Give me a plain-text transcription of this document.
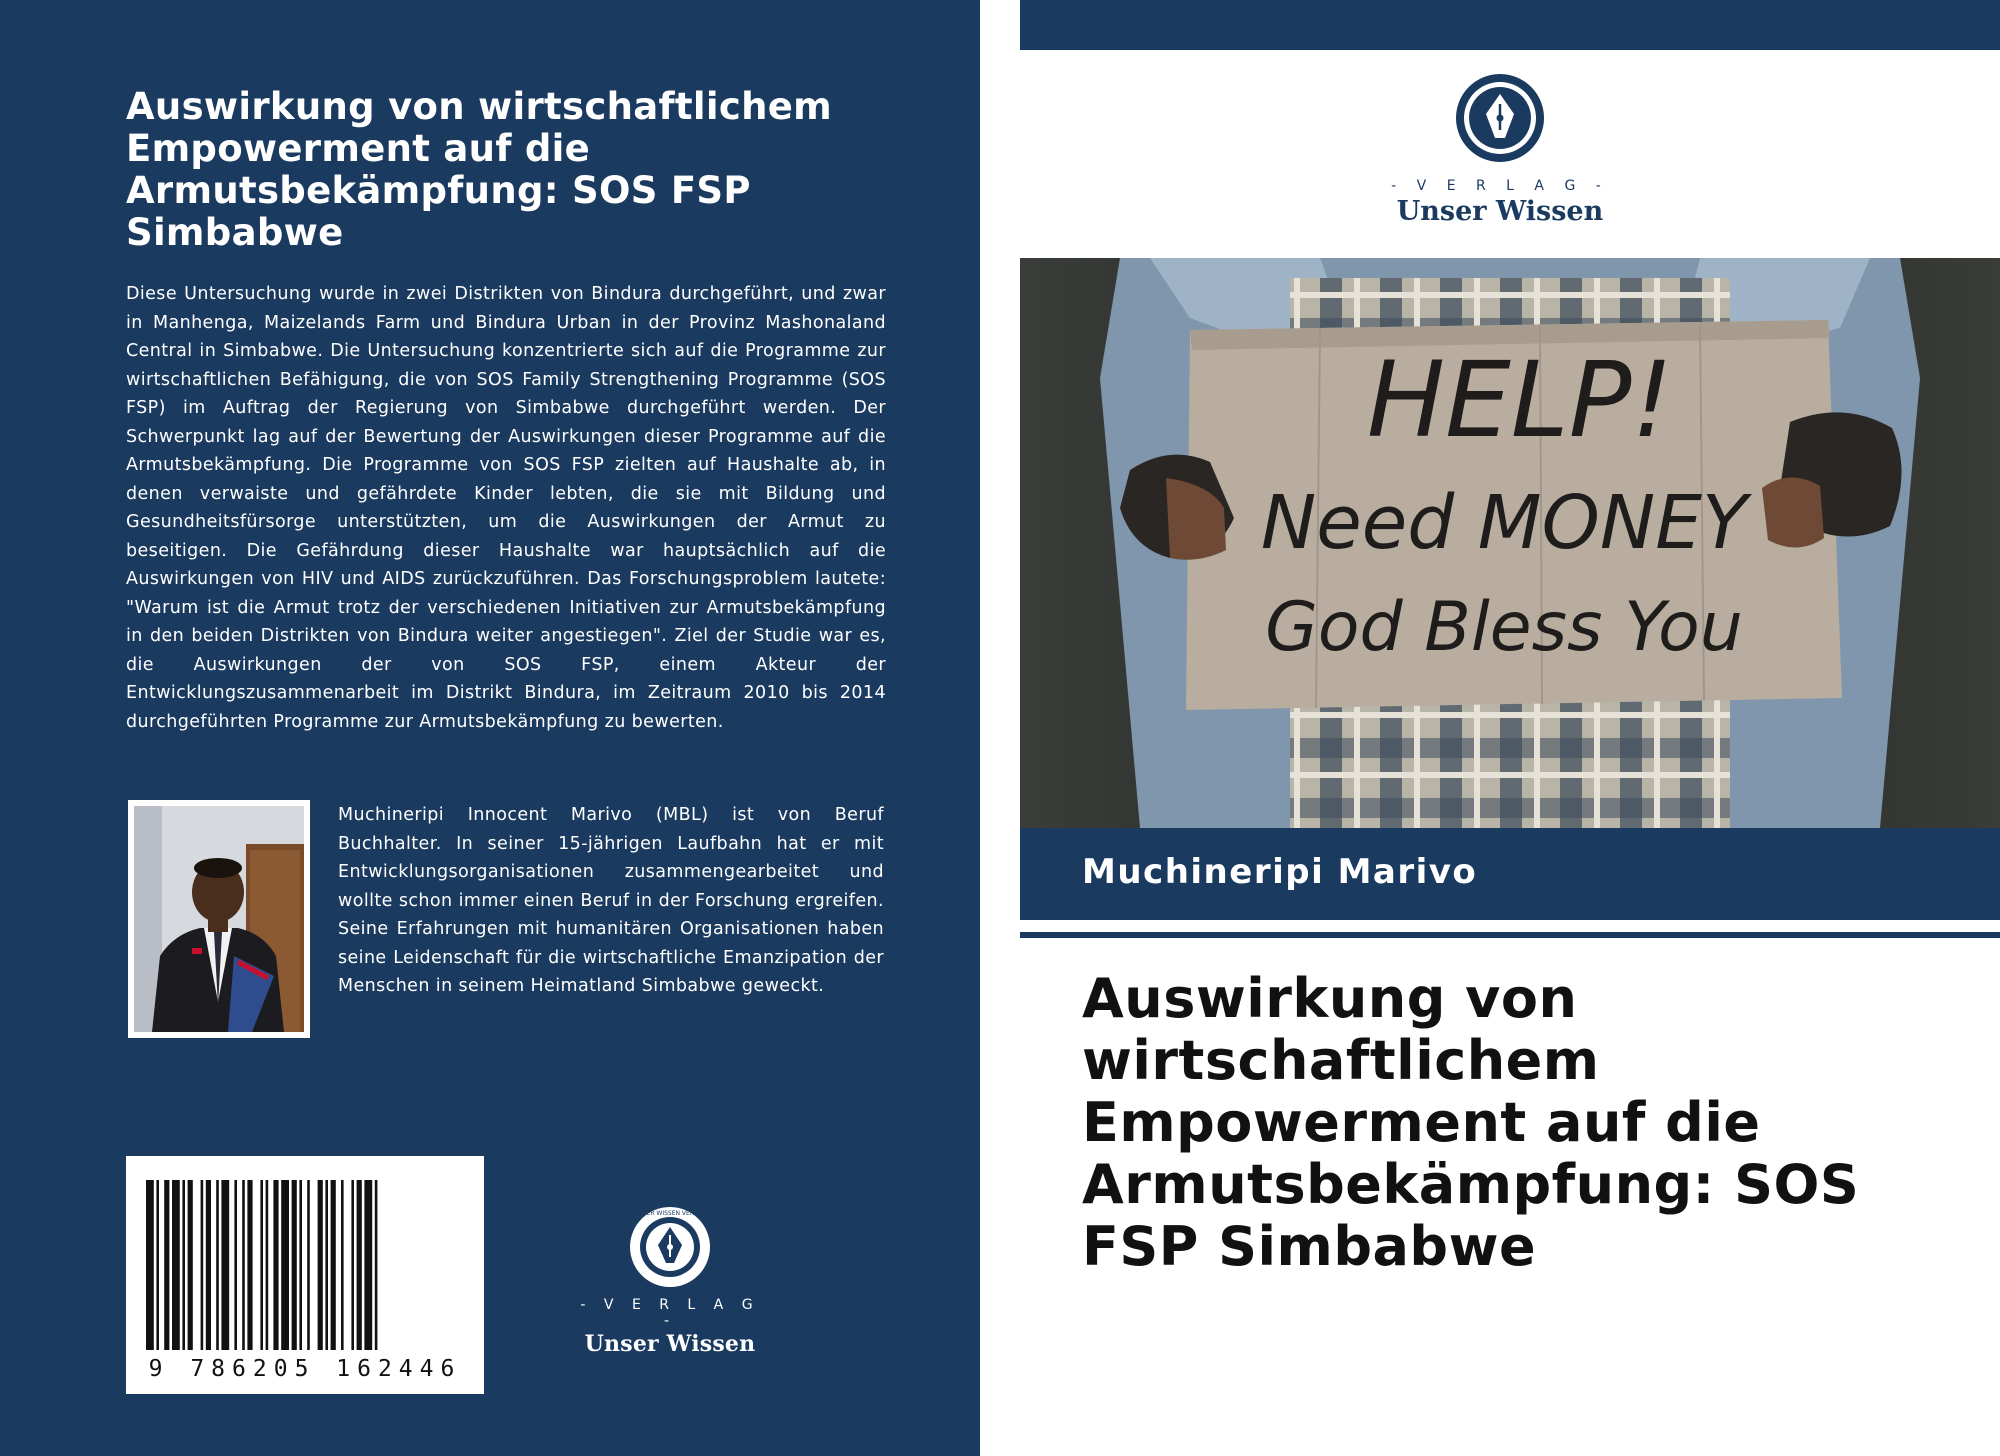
Auswirkung von wirtschaftlichem Empowerment auf die Armutsbekämpfung: SOS FSP Simbabwe

Diese Untersuchung wurde in zwei Distrikten von Bindura durchgeführt, und zwar in Manhenga, Maizelands Farm und Bindura Urban in der Provinz Mashonaland Central in Simbabwe. Die Untersuchung konzentrierte sich auf die Programme zur wirtschaftlichen Befähigung, die von SOS Family Strengthening Programme (SOS FSP) im Auftrag der Regierung von Simbabwe durchgeführt werden. Der Schwerpunkt lag auf der Bewertung der Auswirkungen dieser Programme auf die Armutsbekämpfung. Die Programme von SOS FSP zielten auf Haushalte ab, in denen verwaiste und gefährdete Kinder lebten, die sie mit Bildung und Gesundheitsfürsorge unterstützten, um die Auswirkungen der Armut zu beseitigen. Die Gefährdung dieser Haushalte war hauptsächlich auf die Auswirkungen von HIV und AIDS zurückzuführen. Das Forschungsproblem lautete: "Warum ist die Armut trotz der verschiedenen Initiativen zur Armutsbekämpfung in den beiden Distrikten von Bindura weiter angestiegen". Ziel der Studie war es, die Auswirkungen der von SOS FSP, einem Akteur der Entwicklungszusammenarbeit im Distrikt Bindura, im Zeitraum 2010 bis 2014 durchgeführten Programme zur Armutsbekämpfung zu bewerten.

Muchineripi Innocent Marivo (MBL) ist von Beruf Buchhalter. In seiner 15-jährigen Laufbahn hat er mit Entwicklungsorganisationen zusammengearbeitet und wollte schon immer einen Beruf in der Forschung ergreifen. Seine Erfahrungen mit humanitären Organisationen haben seine Leidenschaft für die wirtschaftliche Emanzipation der Menschen in seinem Heimatland Simbabwe geweckt.

9 786205 162446
UNSER WISSEN VERLAG
- V E R L A G -
Unser Wissen
- V E R L A G -
Unser Wissen
HELP!
Need MONEY
God Bless You
Muchineripi Marivo
Auswirkung von wirtschaftlichem Empowerment auf die Armutsbekämpfung: SOS FSP Simbabwe
